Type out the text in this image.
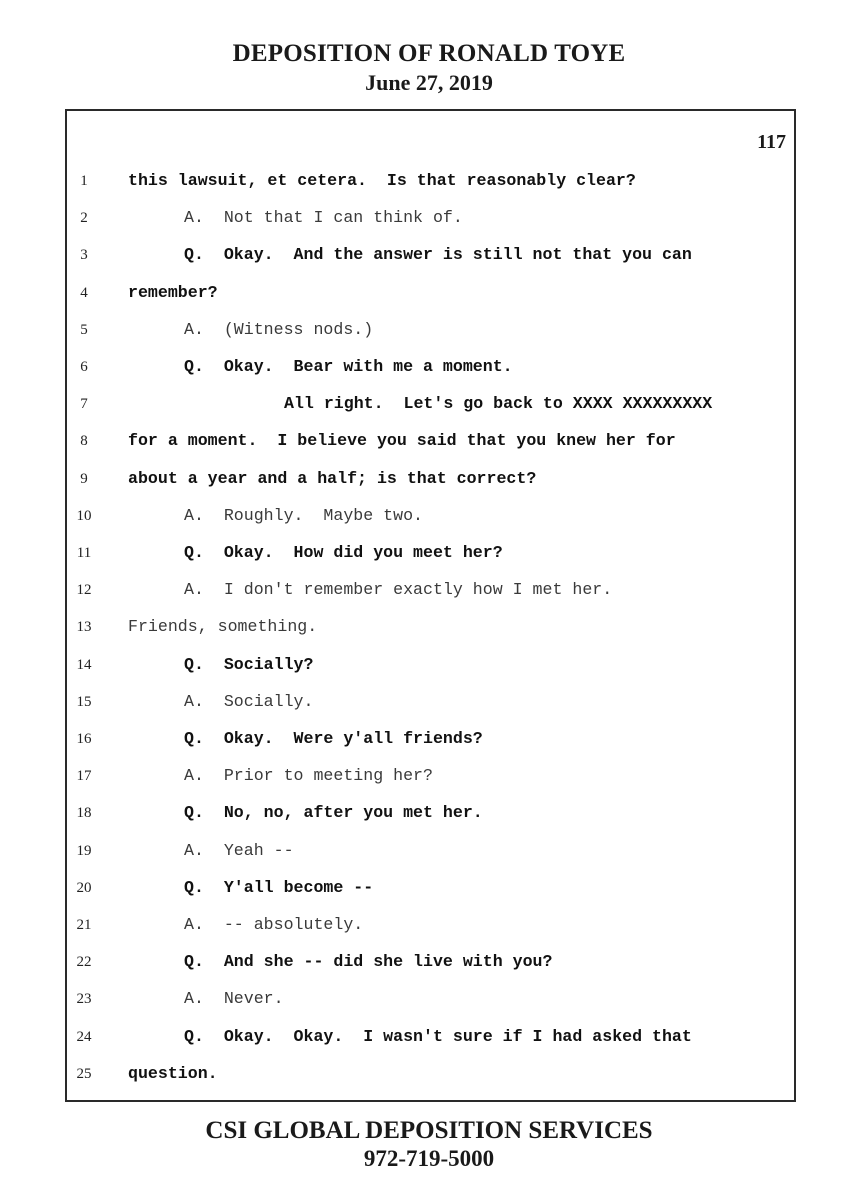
DEPOSITION OF RONALD TOYE
June 27, 2019
117
1	this lawsuit, et cetera.  Is that reasonably clear?
2	A.  Not that I can think of.
3	Q.  Okay.  And the answer is still not that you can
4	remember?
5	A.  (Witness nods.)
6	Q.  Okay.  Bear with me a moment.
7	All right.  Let's go back to XXXX XXXXXXXXX
8	for a moment.  I believe you said that you knew her for
9	about a year and a half; is that correct?
10	A.  Roughly.  Maybe two.
11	Q.  Okay.  How did you meet her?
12	A.  I don't remember exactly how I met her.
13	Friends, something.
14	Q.  Socially?
15	A.  Socially.
16	Q.  Okay.  Were y'all friends?
17	A.  Prior to meeting her?
18	Q.  No, no, after you met her.
19	A.  Yeah --
20	Q.  Y'all become --
21	A.  -- absolutely.
22	Q.  And she -- did she live with you?
23	A.  Never.
24	Q.  Okay.  Okay.  I wasn't sure if I had asked that
25	question.
CSI GLOBAL DEPOSITION SERVICES
972-719-5000
